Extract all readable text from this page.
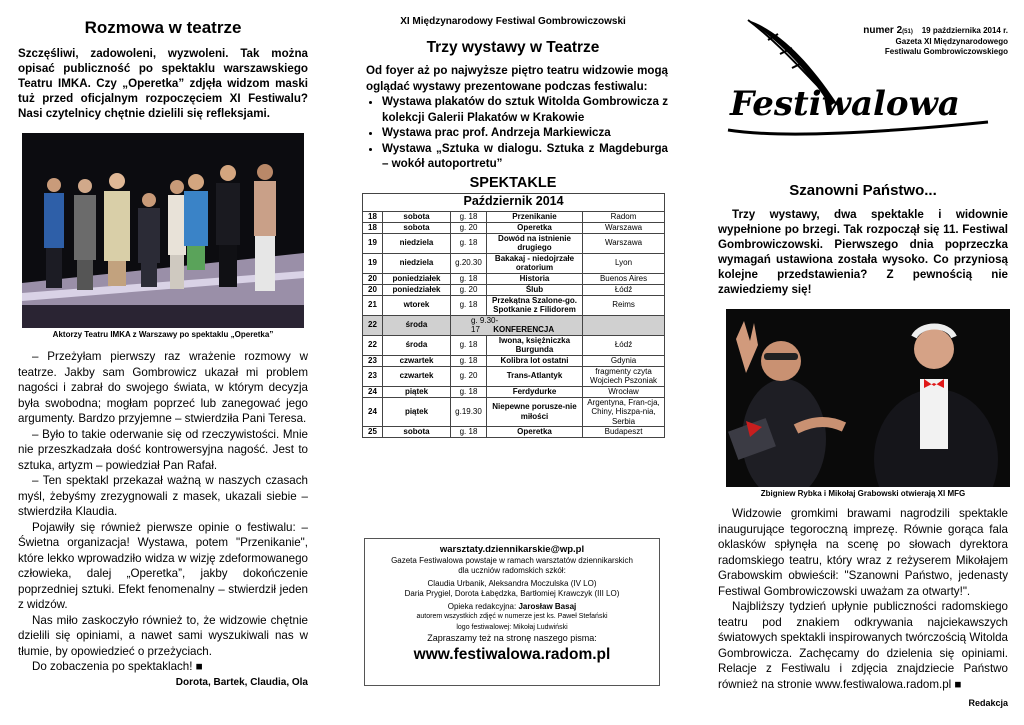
Rozmowa w teatrze

Szczęśliwi, zadowoleni, wyzwoleni. Tak można opisać publiczność po spektaklu warszawskiego Teatru IMKA. Czy „Operetka” zdjęła widzom maski tuż przed oficjalnym rozpoczęciem XI Festiwalu? Nasi czytelnicy chętnie dzielili się refleksjami.

Aktorzy Teatru IMKA z Warszawy po spektaklu „Operetka”

– Przeżyłam pierwszy raz wrażenie rozmowy w teatrze. Jakby sam Gombrowicz ukazał mi problem nagości i zabrał do swojego świata, w którym decyzja była swobodna; mogłam poprzeć lub zanegować jego argumenty. Bardzo przyjemne – stwierdziła Pani Teresa.

– Było to takie oderwanie się od rzeczywistości. Mnie nie przeszkadzała dość kontrowersyjna nagość. Jest to sztuka, artyzm – powiedział Pan Rafał.

– Ten spektakl przekazał ważną w naszych czasach myśl, żebyśmy zrezygnowali z masek, ukazali siebie – stwierdziła Klaudia.

Pojawiły się również pierwsze opinie o festiwalu: – Świetna organizacja! Wystawa, potem "Przenikanie", które lekko wprowadziło widza w wizję zdeformowanego człowieka, dalej „Operetka”, jakby dokończenie poprzedniej sztuki. Efekt fenomenalny – stwierdził jeden z widzów.

Nas miło zaskoczyło również to, że widzowie chętnie dzielili się opiniami, a nawet sami wyszukiwali nas w tłumie, by opowiedzieć o przeżyciach.

Do zobaczenia po spektaklach! ■

Dorota, Bartek, Claudia, Ola
XI Międzynarodowy Festiwal Gombrowiczowski
Trzy wystawy w Teatrze
Od foyer aż po najwyższe piętro teatru widzowie mogą oglądać wystawy prezentowane podczas festiwalu:
• Wystawa plakatów do sztuk Witolda Gombrowicza z kolekcji Galerii Plakatów w Krakowie
• Wystawa prac prof. Andrzeja Markiewicza
• Wystawa „Sztuka w dialogu. Sztuka z Magdeburga – wokół autoportretu”
SPEKTAKLE
Październik 2014				
18	sobota	g. 18	Przenikanie	Radom
18	sobota	g. 20	Operetka	Warszawa
19	niedziela	g. 18	Dowód na istnienie drugiego	Warszawa
19	niedziela	g.20.30	Bakakaj - niedojrzałe oratorium	Lyon
20	poniedziałek	g. 18	Historia	Buenos Aires
20	poniedziałek	g. 20	Ślub	Łódź
21	wtorek	g. 18	Przekątna Szalone-go. Spotkanie z Filidorem	Reims
22	środa	g. 9.30-17 KONFERENCJA		
22	środa	g. 18	Iwona, księżniczka Burgunda	Łódź
23	czwartek	g. 18	Kolibra lot ostatni	Gdynia
23	czwartek	g. 20	Trans-Atlantyk	fragmenty czyta Wojciech Pszoniak
24	piątek	g. 18	Ferdydurke	Wrocław
24	piątek	g.19.30	Niepewne porusze-nie miłości	Argentyna, Fran-cja, Chiny, Hiszpa-nia, Serbia
25	sobota	g. 18	Operetka	Budapeszt
warsztaty.dziennikarskie@wp.pl
Gazeta Festiwalowa powstaje w ramach warsztatów dziennikarskich
dla uczniów radomskich szkół:
Claudia Urbanik, Aleksandra Moczulska (IV LO)
Daria Prygiel, Dorota Łabędzka, Bartłomiej Krawczyk (III LO)
Opieka redakcyjna: Jarosław Basaj
autorem wszystkich zdjęć w numerze jest ks. Paweł Stefański
logo festiwalowej: Mikołaj Ludwiński
Zapraszamy też na stronę naszego pisma:
www.festiwalowa.radom.pl
Festiwalowa
numer 2(51) 19 października 2014 r.
Gazeta XI Międzynarodowego
Festiwalu Gombrowiczowskiego
Szanowni Państwo...

Trzy wystawy, dwa spektakle i widownie wypełnione po brzegi. Tak rozpoczął się 11. Festiwal Gombrowiczowski. Pierwszego dnia poprzeczka wymagań ustawiona została wysoko. Co przyniosą kolejne przedstawienia? Z pewnością nie zawiedziemy się!

Zbigniew Rybka i Mikołaj Grabowski otwierają XI MFG

Widzowie gromkimi brawami nagrodzili spektakle inaugurujące tegoroczną imprezę. Równie gorąca fala oklasków spłynęła na scenę po słowach dyrektora radomskiego teatru, który wraz z reżyserem Mikołajem Grabowskim obwieścił: "Szanowni Państwo, jedenasty Festiwal Gombrowiczowski uważam za otwarty!".

Najbliższy tydzień upłynie publiczności radomskiego teatru pod znakiem odkrywania najciekawszych światowych spektakli inspirowanych twórczością Witolda Gombrowicza. Zachęcamy do dzielenia się opiniami. Relacje z Festiwalu i zdjęcia znajdziecie Państwo również na stronie www.festiwalowa.radom.pl ■

Redakcja
